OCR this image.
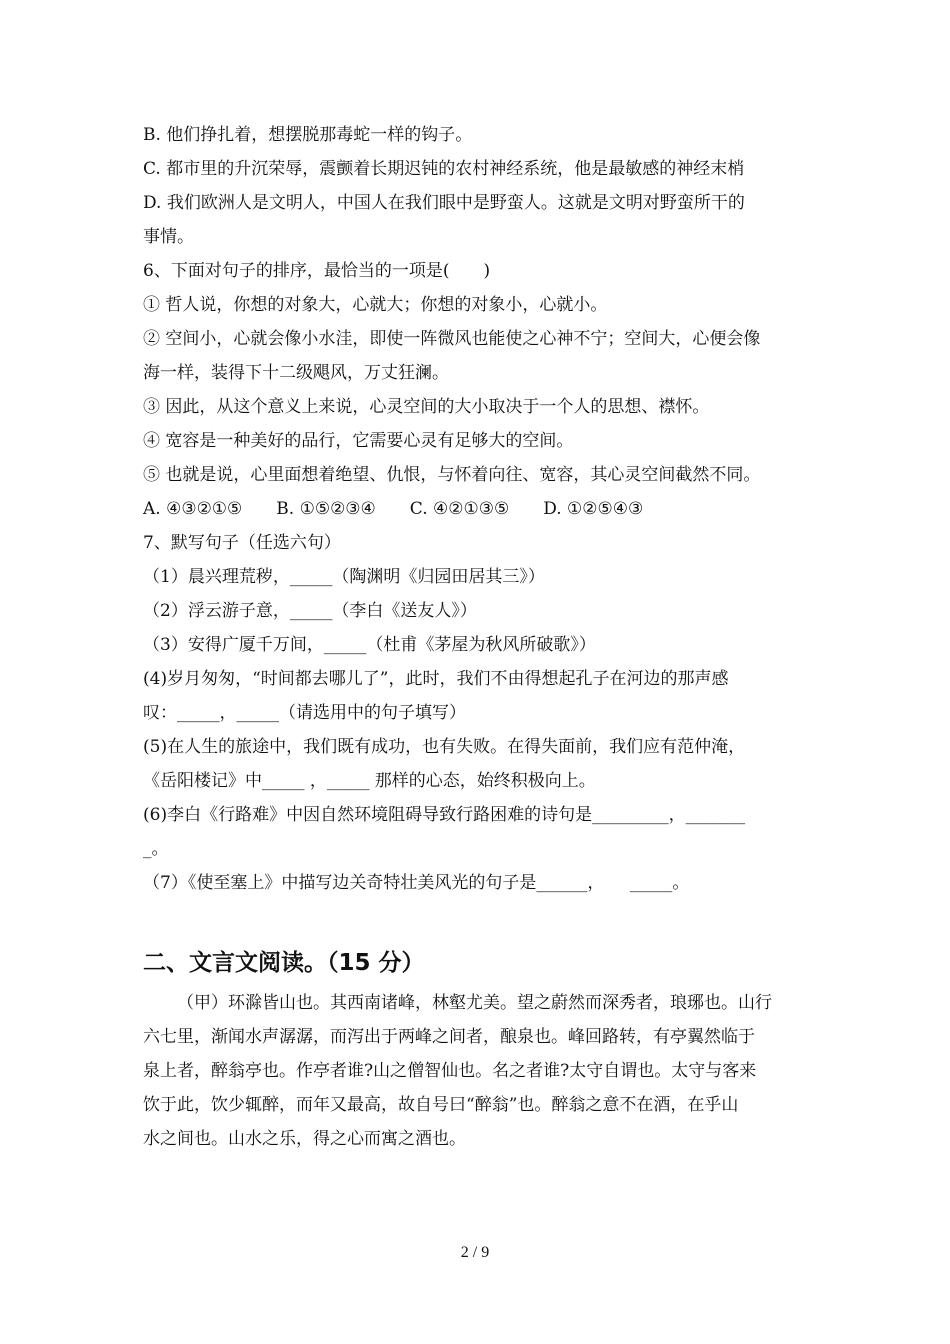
B. 他们挣扎着，想摆脱那毒蛇一样的钩子。
C. 都市里的升沉荣辱，震颤着长期迟钝的农村神经系统，他是最敏感的神经末梢
D. 我们欧洲人是文明人，中国人在我们眼中是野蛮人。这就是文明对野蛮所干的
事情。
6、下面对句子的排序，最恰当的一项是(　　)
① 哲人说，你想的对象大，心就大；你想的对象小，心就小。
② 空间小，心就会像小水洼，即使一阵微风也能使之心神不宁；空间大，心便会像
海一样，装得下十二级飓风，万丈狂澜。
③ 因此，从这个意义上来说，心灵空间的大小取决于一个人的思想、襟怀。
④ 宽容是一种美好的品行，它需要心灵有足够大的空间。
⑤ 也就是说，心里面想着绝望、仇恨，与怀着向往、宽容，其心灵空间截然不同。
A. ④③②①⑤　　B. ①⑤②③④　　C. ④②①③⑤　　D. ①②⑤④③
7、默写句子（任选六句）
（1）晨兴理荒秽，_____（陶渊明《归园田居其三》）
（2）浮云游子意，_____（李白《送友人》）
（3）安得广厦千万间，_____（杜甫《茅屋为秋风所破歌》）
(4)岁月匆匆，“时间都去哪儿了”，此时，我们不由得想起孔子在河边的那声感
叹：_____，_____（请选用中的句子填写）
(5)在人生的旅途中，我们既有成功，也有失败。在得失面前，我们应有范仲淹，
《岳阳楼记》中_____ ，_____ 那样的心态，始终积极向上。
(6)李白《行路难》中因自然环境阻碍导致行路困难的诗句是_________，_______
_。
（7）《使至塞上》中描写边关奇特壮美风光的句子是______，　　_____。
二、文言文阅读。（15 分）
（甲）环滁皆山也。其西南诸峰，林壑尤美。望之蔚然而深秀者，琅琊也。山行
六七里，渐闻水声潺潺，而泻出于两峰之间者，酿泉也。峰回路转，有亭翼然临于
泉上者，醉翁亭也。作亭者谁?山之僧智仙也。名之者谁?太守自谓也。太守与客来
饮于此，饮少辄醉，而年又最高，故自号曰“醉翁”也。醉翁之意不在酒，在乎山
水之间也。山水之乐，得之心而寓之酒也。
2 / 9
